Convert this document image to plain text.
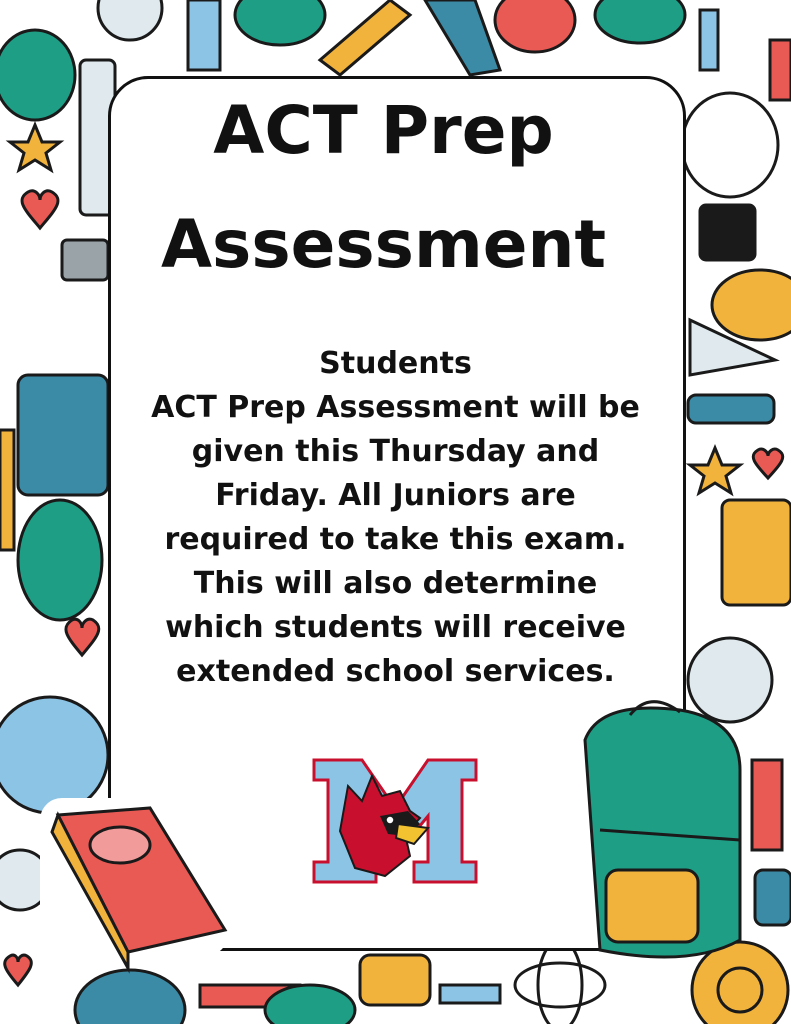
ACT Prep
Assessment
Students
ACT Prep Assessment will be
given this Thursday and
Friday. All Juniors are
required to take this exam.
This will also determine
which students will receive
extended school services.
